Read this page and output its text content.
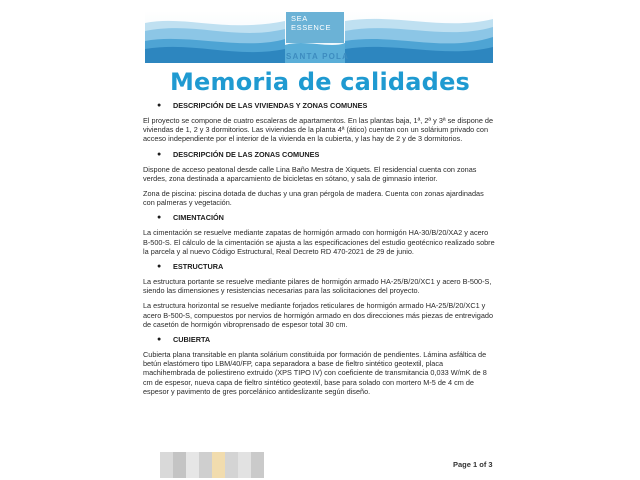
SEA
ESSENCE
SANTA POLA
Memoria de calidades
● DESCRIPCIÓN DE LAS VIVIENDAS Y ZONAS COMUNES
El proyecto se compone de cuatro escaleras de apartamentos. En las plantas baja, 1ª, 2ª y 3ª se dispone de viviendas de 1, 2 y 3 dormitorios. Las viviendas de la planta 4ª (ático) cuentan con un solárium privado con acceso independiente por el interior de la vivienda en la cubierta, y las hay de 2 y de 3 dormitorios.
● DESCRIPCIÓN DE LAS ZONAS COMUNES
Dispone de acceso peatonal desde calle Lina Baño Mestra de Xiquets. El residencial cuenta con zonas verdes, zona destinada a aparcamiento de bicicletas en sótano, y sala de gimnasio interior.
Zona de piscina: piscina dotada de duchas y una gran pérgola de madera. Cuenta con zonas ajardinadas con palmeras y vegetación.
● CIMENTACIÓN
La cimentación se resuelve mediante zapatas de hormigón armado con hormigón HA-30/B/20/XA2 y acero B-500-S. El cálculo de la cimentación se ajusta a las especificaciones del estudio geotécnico realizado sobre la parcela y al nuevo Código Estructural, Real Decreto RD 470-2021 de 29 de junio.
● ESTRUCTURA
La estructura portante se resuelve mediante pilares de hormigón armado HA-25/B/20/XC1 y acero B-500-S, siendo las dimensiones y resistencias necesarias para las solicitaciones del proyecto.
La estructura horizontal se resuelve mediante forjados reticulares de hormigón armado HA-25/B/20/XC1 y acero B-500-S, compuestos por nervios de hormigón armado en dos direcciones más piezas de entrevigado de casetón de hormigón vibroprensado de espesor total 30 cm.
● CUBIERTA
Cubierta plana transitable en planta solárium constituida por formación de pendientes. Lámina asfáltica de betún elastómero tipo LBM/40/FP, capa separadora a base de fieltro sintético geotextil, placa machihembrada de poliestireno extruido (XPS TIPO IV) con coeficiente de transmitancia 0,033 W/mK de 8 cm de espesor, nueva capa de fieltro sintético geotextil, base para solado con mortero M-5 de 4 cm de espesor y pavimento de gres porcelánico antideslizante según diseño.
Page 1 of 3
